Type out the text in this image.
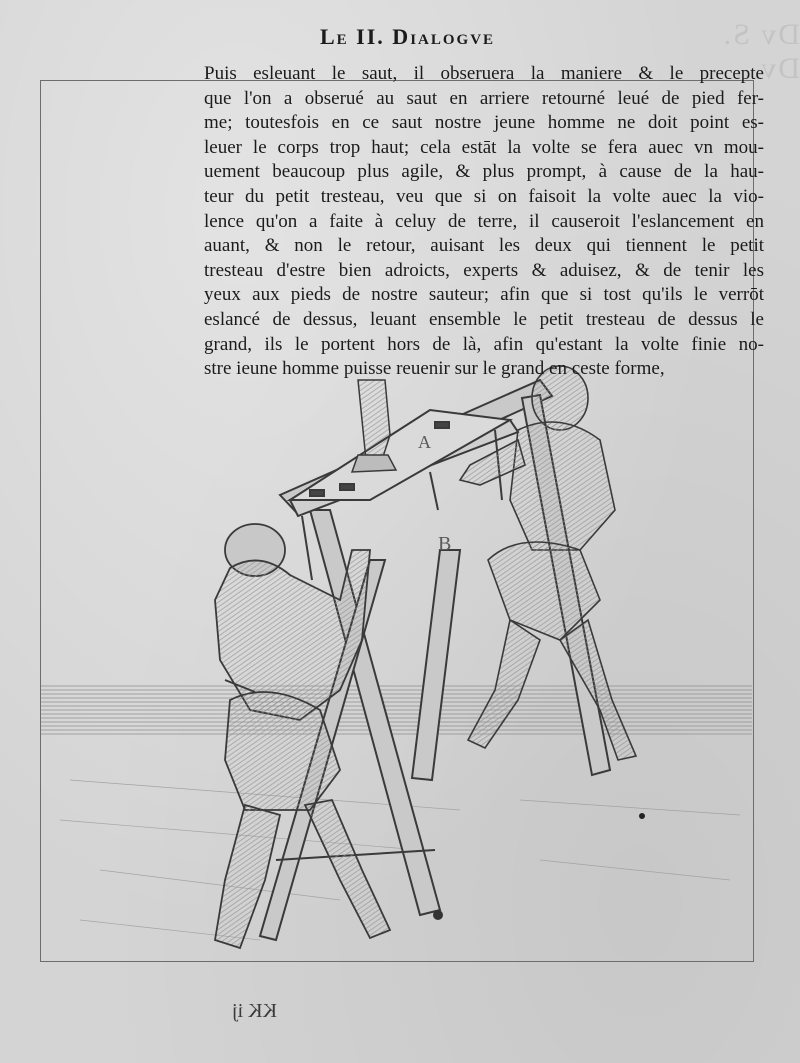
Dv S. Dv...
B
A
Le II. Dialogve
Puis esleuant le saut, il obseruera la maniere & le precepte
que l'on a obserué au saut en arriere retourné leué de pied fer-
me; toutesfois en ce saut nostre jeune homme ne doit point es-
leuer le corps trop haut; cela estāt la volte se fera auec vn mou-
uement beaucoup plus agile, & plus prompt, à cause de la hau-
teur du petit tresteau, veu que si on faisoit la volte auec la vio-
lence qu'on a faite à celuy de terre, il causeroit l'eslancement en
auant, & non le retour, auisant les deux qui tiennent le petit
tresteau d'estre bien adroicts, experts & aduisez, & de tenir les
yeux aux pieds de nostre sauteur; afin que si tost qu'ils le verrōt
eslancé de dessus, leuant ensemble le petit tresteau de dessus le
grand, ils le portent hors de là, afin qu'estant la volte finie no-
stre ieune homme puisse reuenir sur le grand en ceste forme,
KK ij
